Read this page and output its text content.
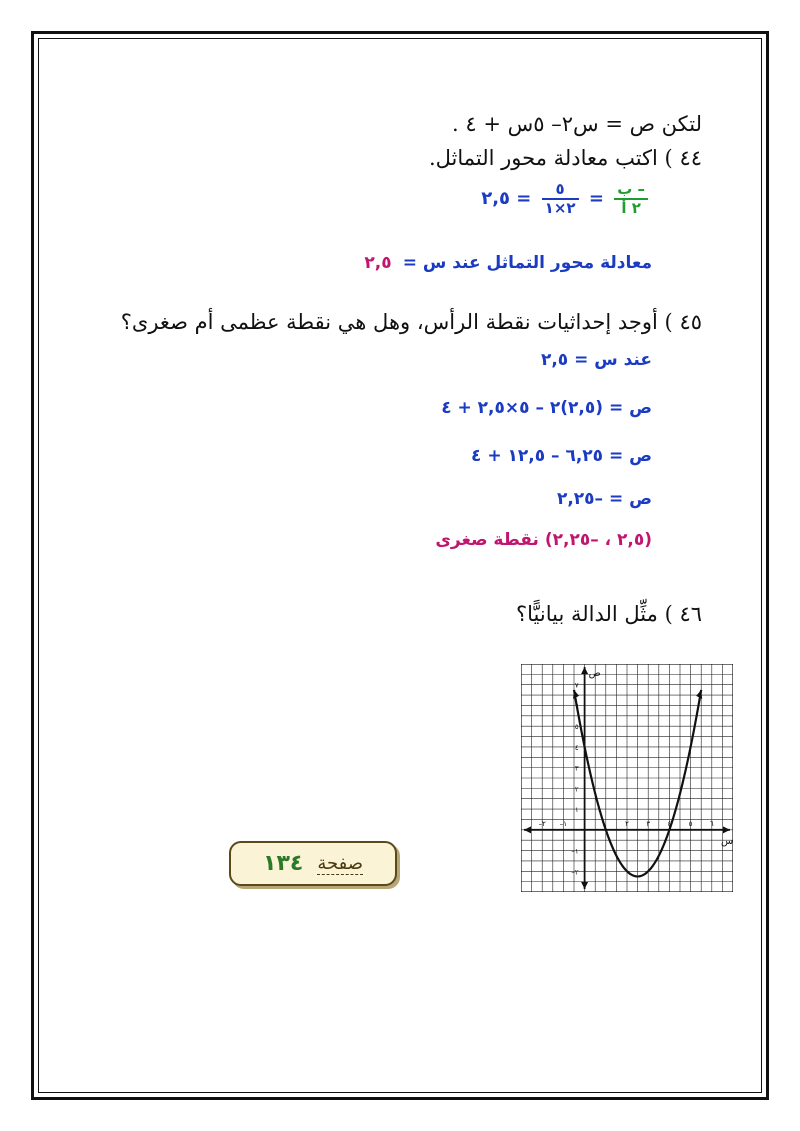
لتكن ص = س٢– ٥س + ٤ .
٤٤ ) اكتب معادلة محور التماثل.
$\frac{\text{– ب}}{\text{٢ أ}}$
=
$\frac{٥}{٢\times ١}$
= ٢,٥
معادلة محور التماثل عند س = ٢,٥
٤٥ ) أوجد إحداثيات نقطة الرأس، وهل هي نقطة عظمى أم صغرى؟
عند س = ٢,٥
ص = (٢,٥)٢ – ٥×٢,٥ + ٤
ص = ٦,٢٥ – ١٢,٥ + ٤
ص = –٢,٢٥
(٢,٥ ، –٢,٢٥) نقطة صغرى
٤٦ ) مثِّل الدالة بيانيًّا؟
٧
٦
٥
٤
٣
٢
١
–١
–٢
–٢ –١ ٠	٢ ٣ ٤ ٥ ٦
ص
س
صفحة
١٣٤
